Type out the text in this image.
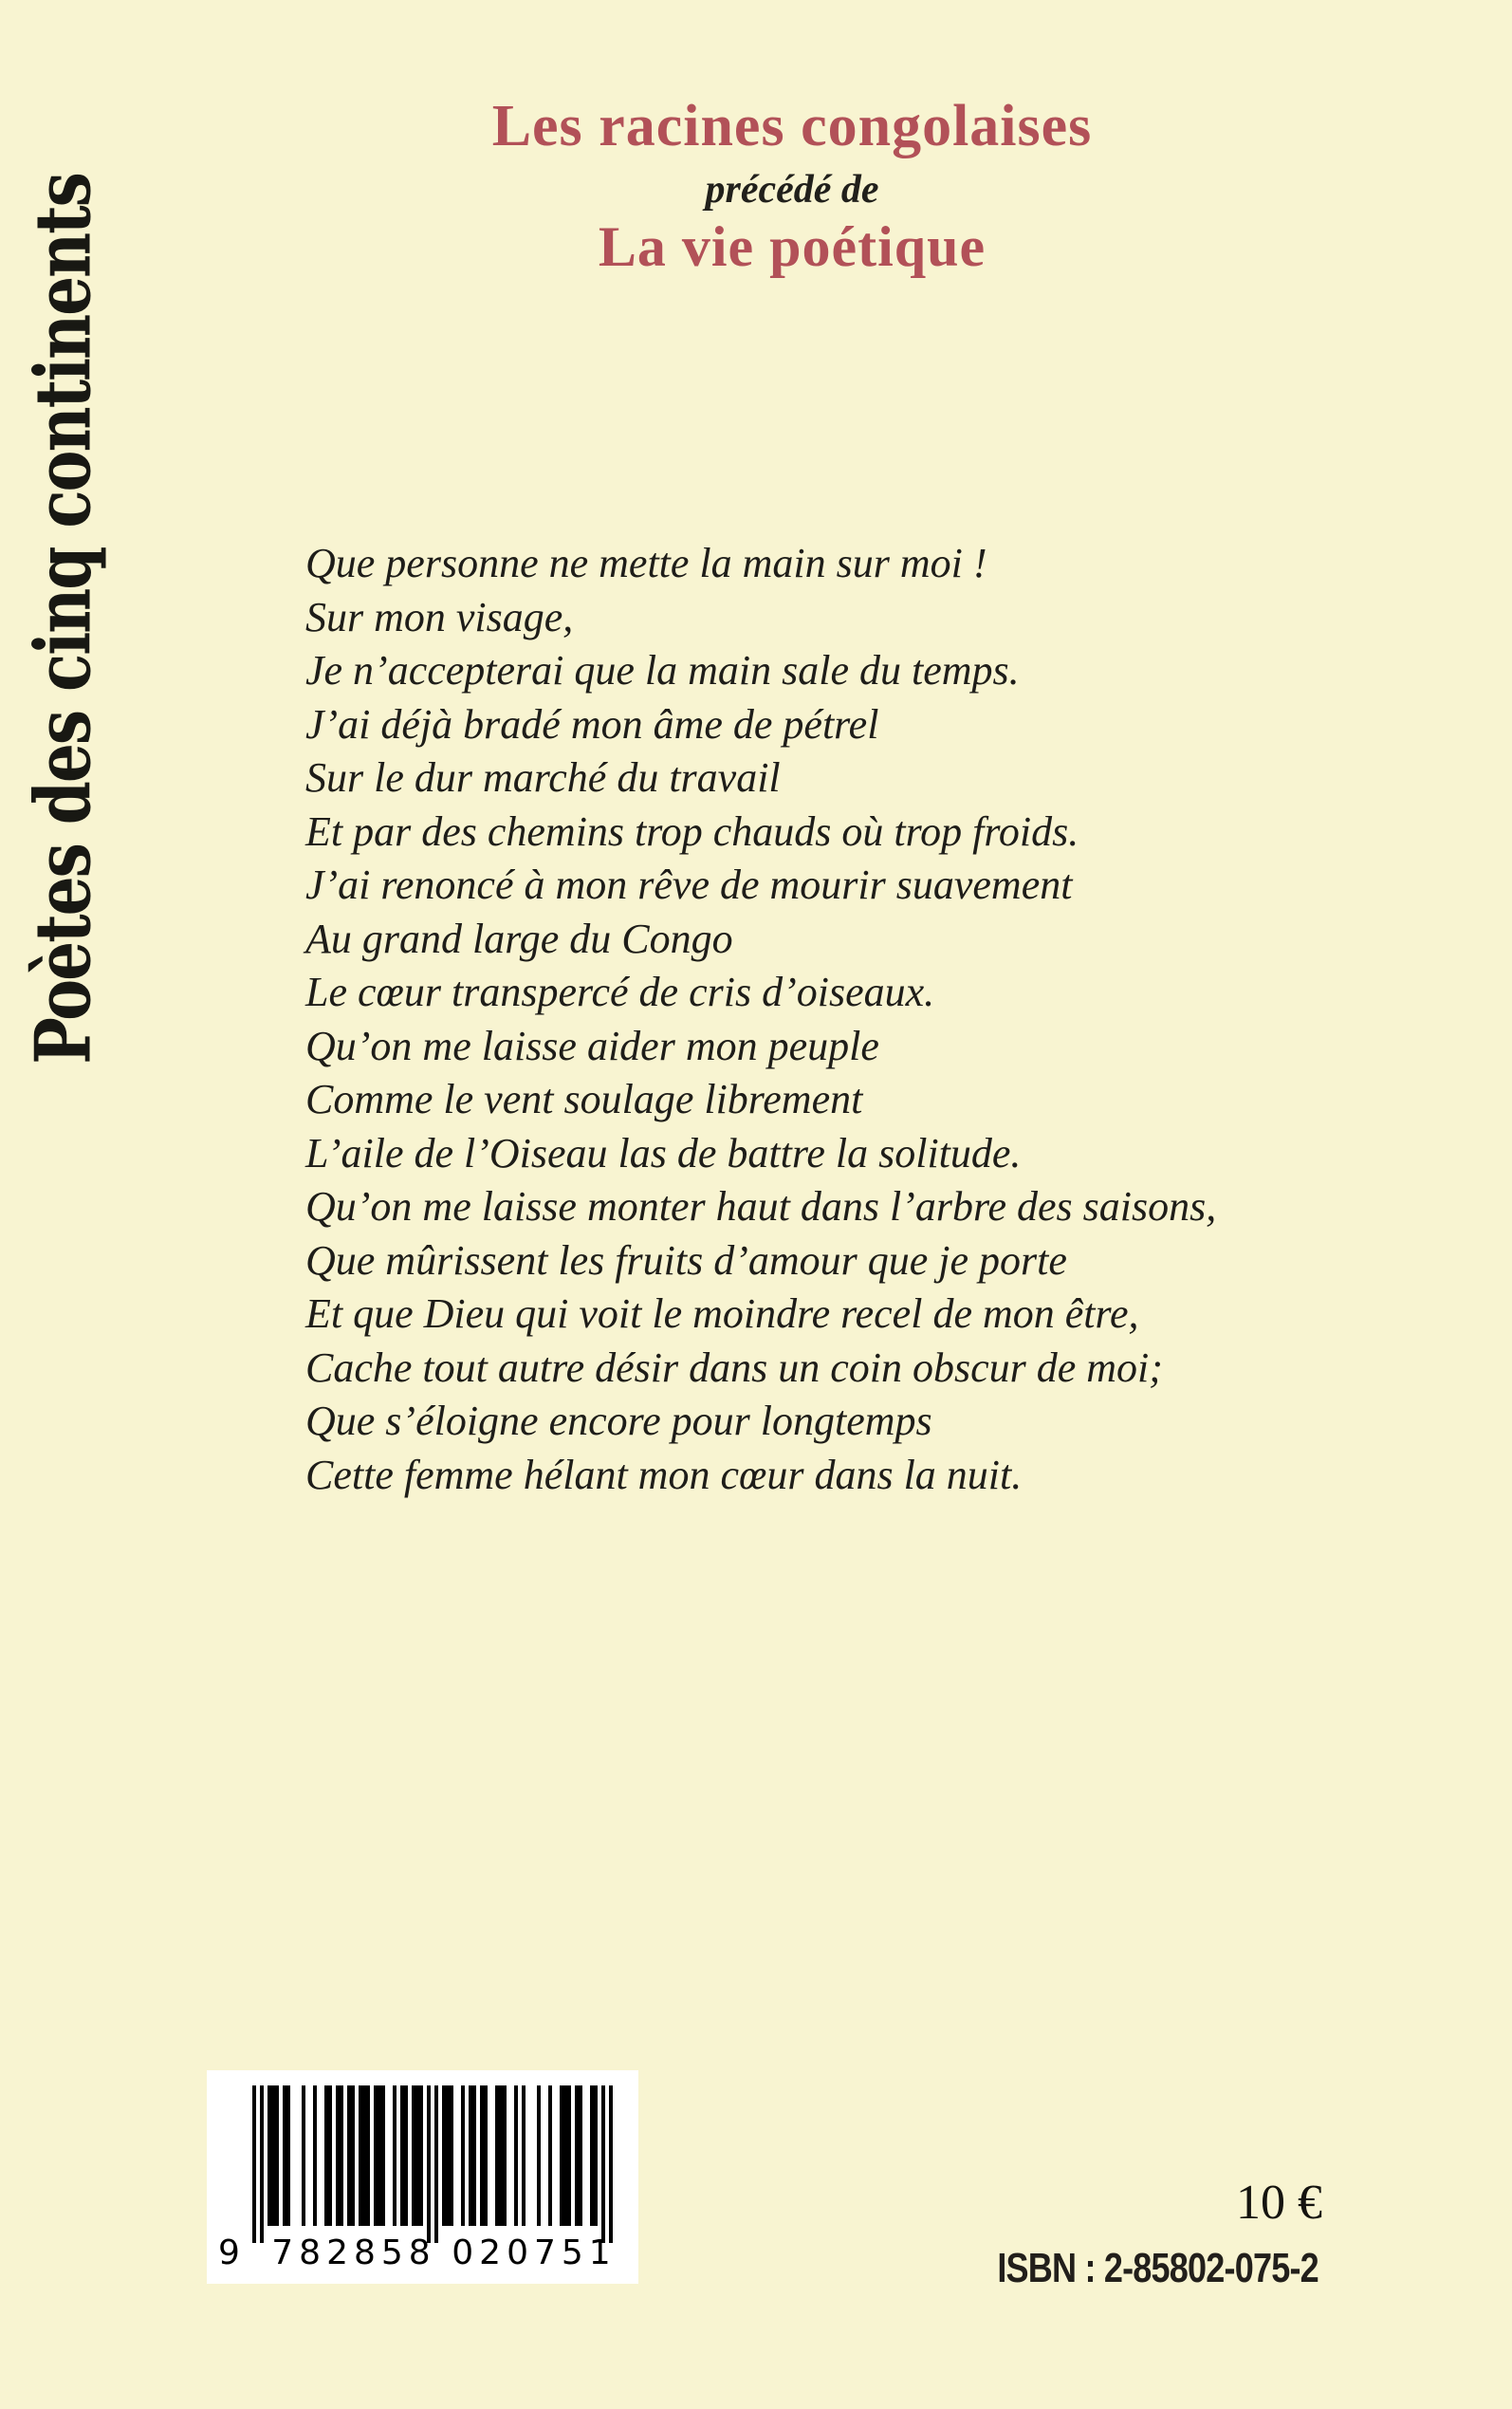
Poètes des cinq continents
Les racines congolaises
précédé de
La vie poétique
Que personne ne mette la main sur moi !
Sur mon visage,
Je n’accepterai que la main sale du temps.
J’ai déjà bradé mon âme de pétrel
Sur le dur marché du travail
Et par des chemins trop chauds où trop froids.
J’ai renoncé à mon rêve de mourir suavement
Au grand large du Congo
Le cœur transpercé de cris d’oiseaux.
Qu’on me laisse aider mon peuple
Comme le vent soulage librement
L’aile de l’Oiseau las de battre la solitude.
Qu’on me laisse monter haut dans l’arbre des saisons,
Que mûrissent les fruits d’amour que je porte
Et que Dieu qui voit le moindre recel de mon être,
Cache tout autre désir dans un coin obscur de moi;
Que s’éloigne encore pour longtemps
Cette femme hélant mon cœur dans la nuit.
9 782858 020751
10 €
ISBN : 2-85802-075-2
